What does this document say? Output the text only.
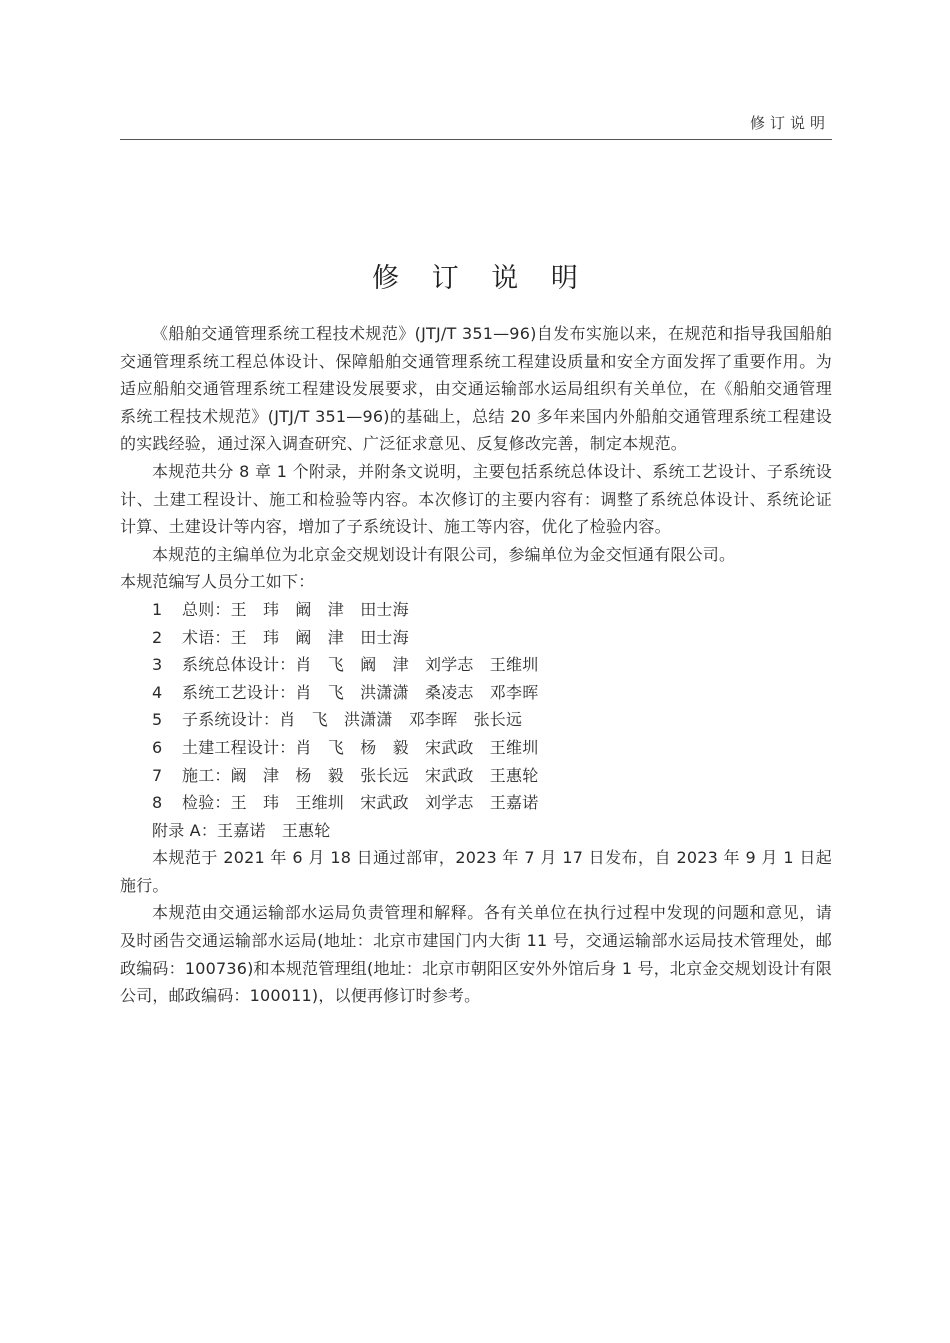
修订说明
修 订 说 明

《船舶交通管理系统工程技术规范》(JTJ/T 351—96)自发布实施以来，在规范和指导我国船舶交通管理系统工程总体设计、保障船舶交通管理系统工程建设质量和安全方面发挥了重要作用。为适应船舶交通管理系统工程建设发展要求，由交通运输部水运局组织有关单位，在《船舶交通管理系统工程技术规范》(JTJ/T 351—96)的基础上，总结 20 多年来国内外船舶交通管理系统工程建设的实践经验，通过深入调查研究、广泛征求意见、反复修改完善，制定本规范。

本规范共分 8 章 1 个附录，并附条文说明，主要包括系统总体设计、系统工艺设计、子系统设计、土建工程设计、施工和检验等内容。本次修订的主要内容有：调整了系统总体设计、系统论证计算、土建设计等内容，增加了子系统设计、施工等内容，优化了检验内容。

本规范的主编单位为北京金交规划设计有限公司，参编单位为金交恒通有限公司。

本规范编写人员分工如下：

1 总则：王　玮　阚　津　田士海
2 术语：王　玮　阚　津　田士海
3 系统总体设计：肖　飞　阚　津　刘学志　王维圳
4 系统工艺设计：肖　飞　洪潇潇　桑凌志　邓李晖
5 子系统设计：肖　飞　洪潇潇　邓李晖　张长远
6 土建工程设计：肖　飞　杨　毅　宋武政　王维圳
7 施工：阚　津　杨　毅　张长远　宋武政　王惠轮
8 检验：王　玮　王维圳　宋武政　刘学志　王嘉诺
附录 A：王嘉诺　王惠轮

本规范于 2021 年 6 月 18 日通过部审，2023 年 7 月 17 日发布，自 2023 年 9 月 1 日起施行。

本规范由交通运输部水运局负责管理和解释。各有关单位在执行过程中发现的问题和意见，请及时函告交通运输部水运局(地址：北京市建国门内大街 11 号，交通运输部水运局技术管理处，邮政编码：100736)和本规范管理组(地址：北京市朝阳区安外外馆后身 1 号，北京金交规划设计有限公司，邮政编码：100011)，以便再修订时参考。
